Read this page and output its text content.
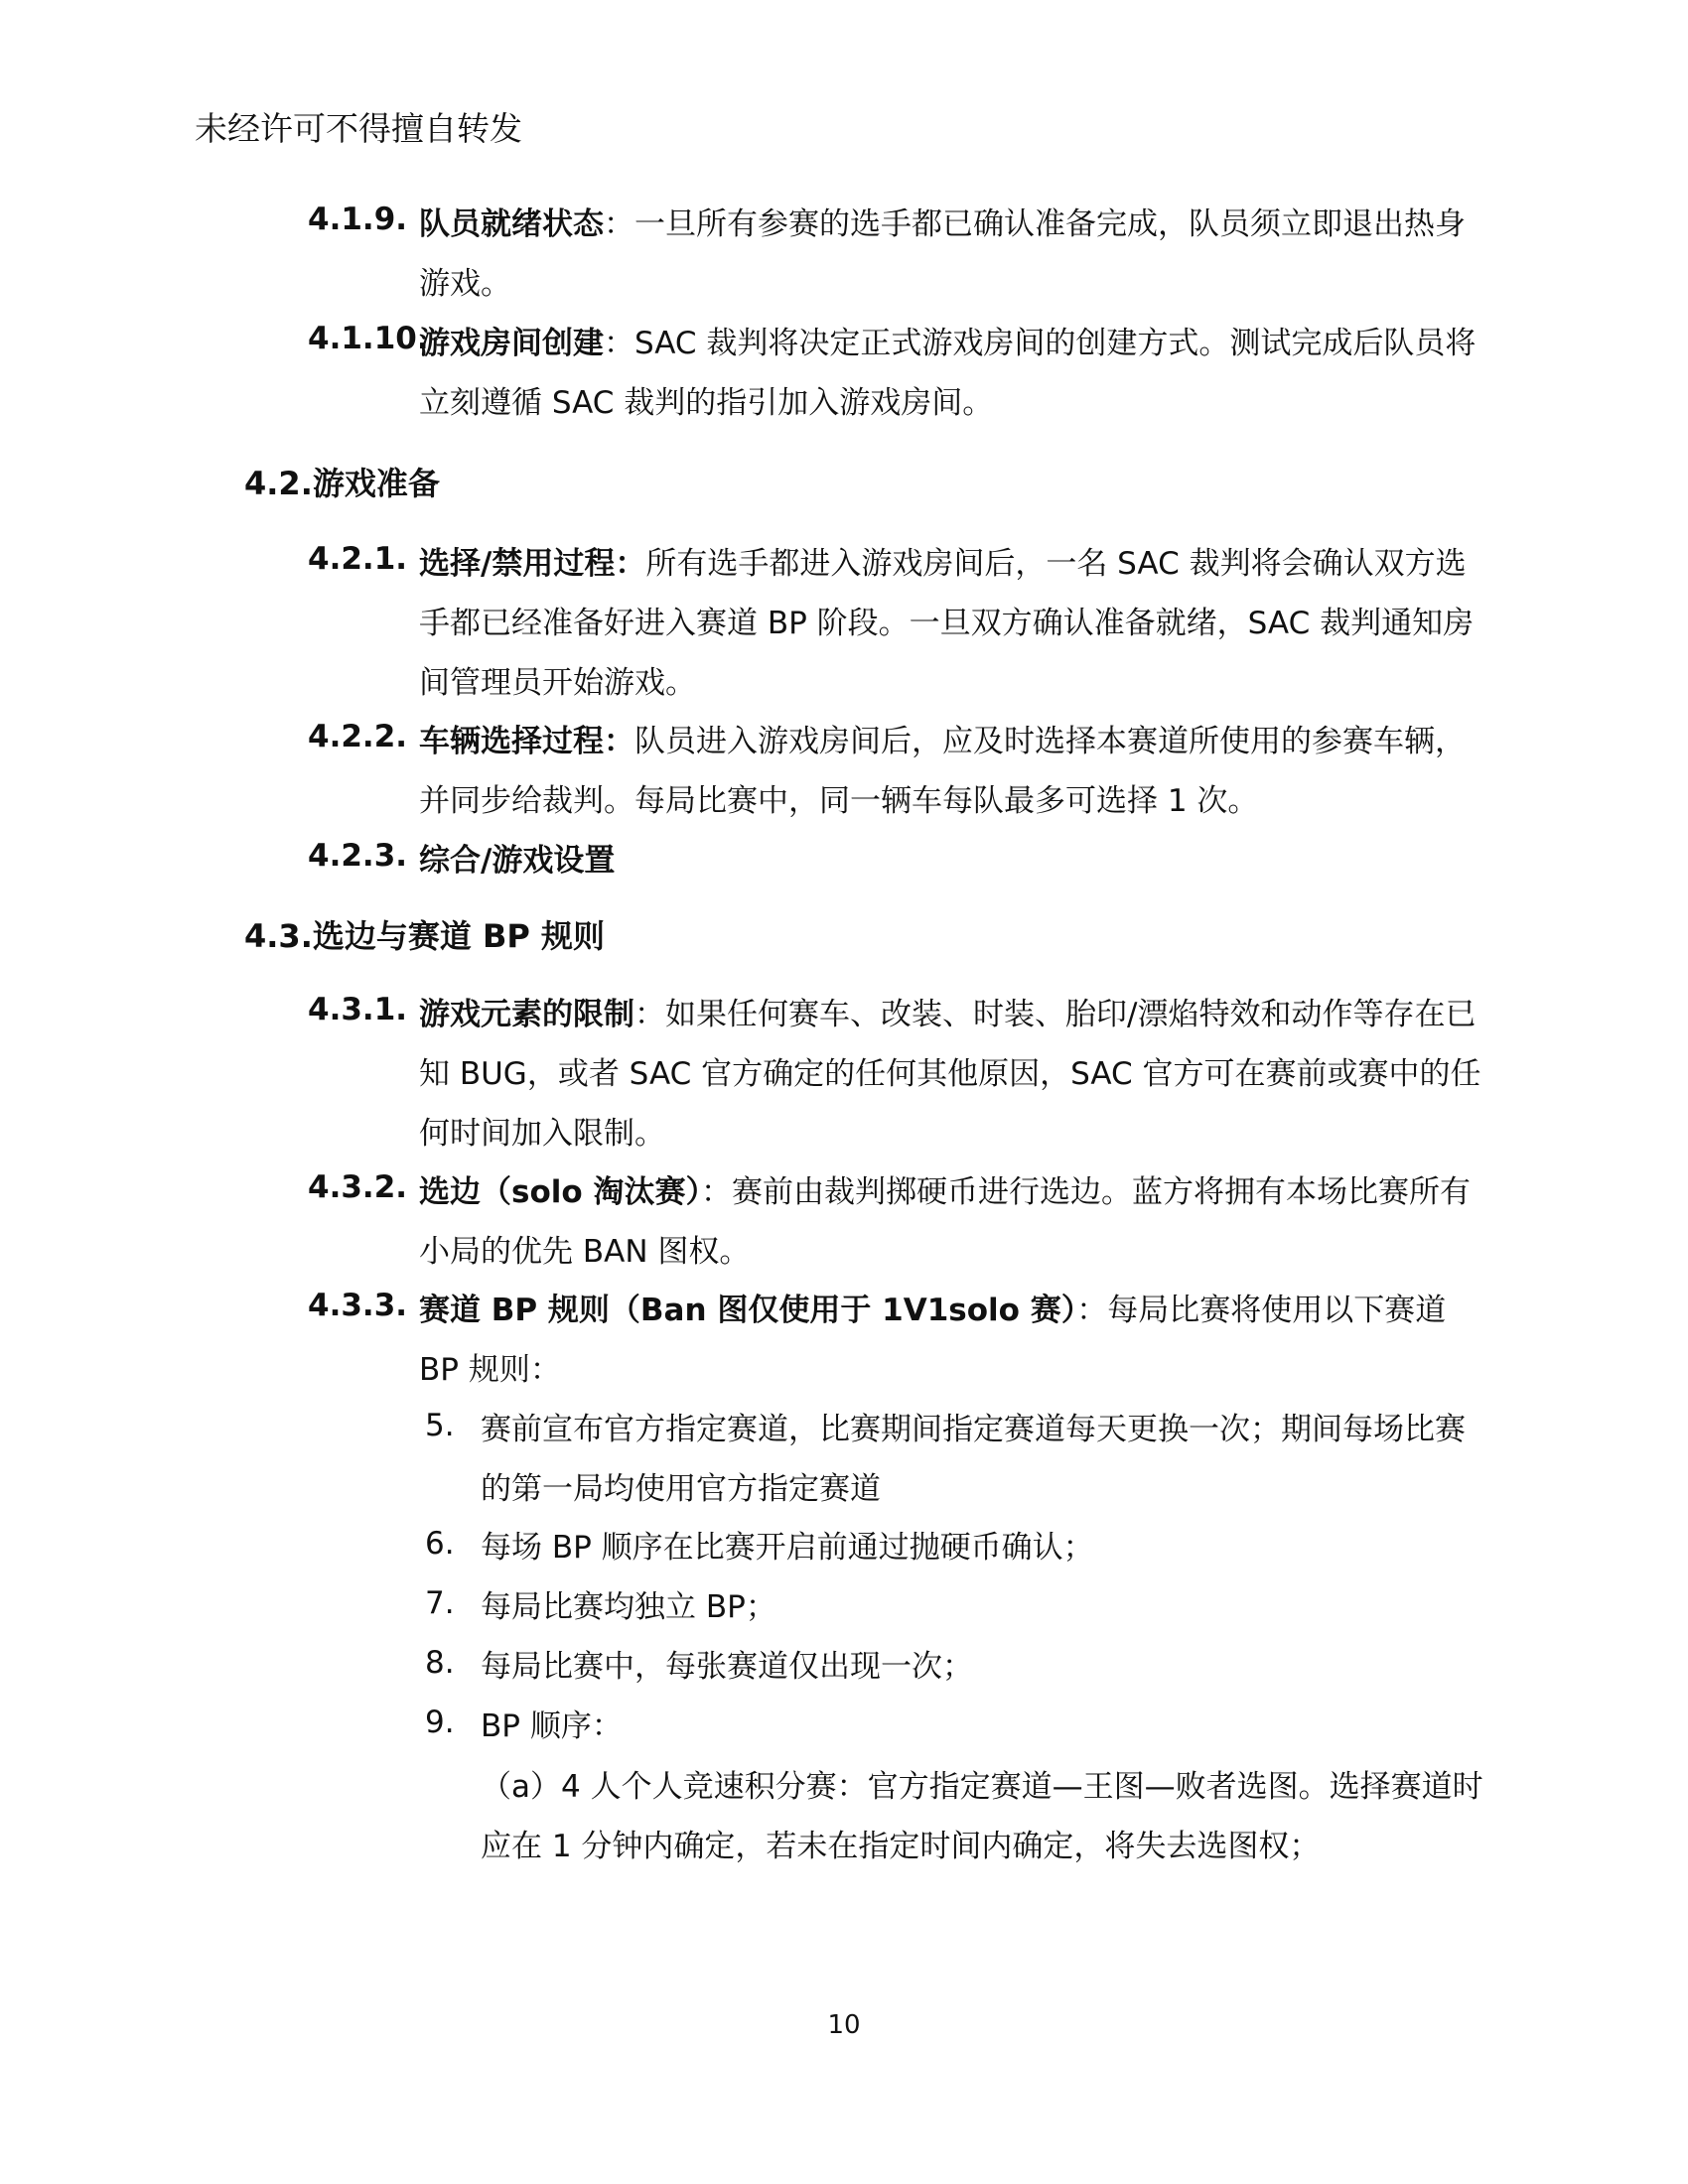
未经许可不得擅自转发
4.1.9. 队员就绪状态：一旦所有参赛的选手都已确认准备完成，队员须立即退出热身游戏。
4.1.10.
游戏房间创建：SAC 裁判将决定正式游戏房间的创建方式。测试完成后队员将立刻遵循 SAC 裁判的指引加入游戏房间。
4.2.游戏准备
4.2.1. 选择/禁用过程：所有选手都进入游戏房间后，一名 SAC 裁判将会确认双方选手都已经准备好进入赛道 BP 阶段。一旦双方确认准备就绪，SAC 裁判通知房间管理员开始游戏。
4.2.2. 车辆选择过程：队员进入游戏房间后，应及时选择本赛道所使用的参赛车辆，并同步给裁判。每局比赛中，同一辆车每队最多可选择 1 次。
4.2.3. 综合/游戏设置
4.3.选边与赛道 BP 规则
4.3.1. 游戏元素的限制：如果任何赛车、改装、时装、胎印/漂焰特效和动作等存在已知 BUG，或者 SAC 官方确定的任何其他原因，SAC 官方可在赛前或赛中的任何时间加入限制。
4.3.2. 选边（solo 淘汰赛）：赛前由裁判掷硬币进行选边。蓝方将拥有本场比赛所有小局的优先 BAN 图权。
4.3.3. 赛道 BP 规则（Ban 图仅使用于 1V1solo 赛）：每局比赛将使用以下赛道 BP 规则：
5. 赛前宣布官方指定赛道，比赛期间指定赛道每天更换一次；期间每场比赛的第一局均使用官方指定赛道
6. 每场 BP 顺序在比赛开启前通过抛硬币确认；
7. 每局比赛均独立 BP；
8. 每局比赛中，每张赛道仅出现一次；
9. BP 顺序：
（a）4 人个人竞速积分赛：官方指定赛道—王图—败者选图。选择赛道时应在 1 分钟内确定，若未在指定时间内确定，将失去选图权；
10
